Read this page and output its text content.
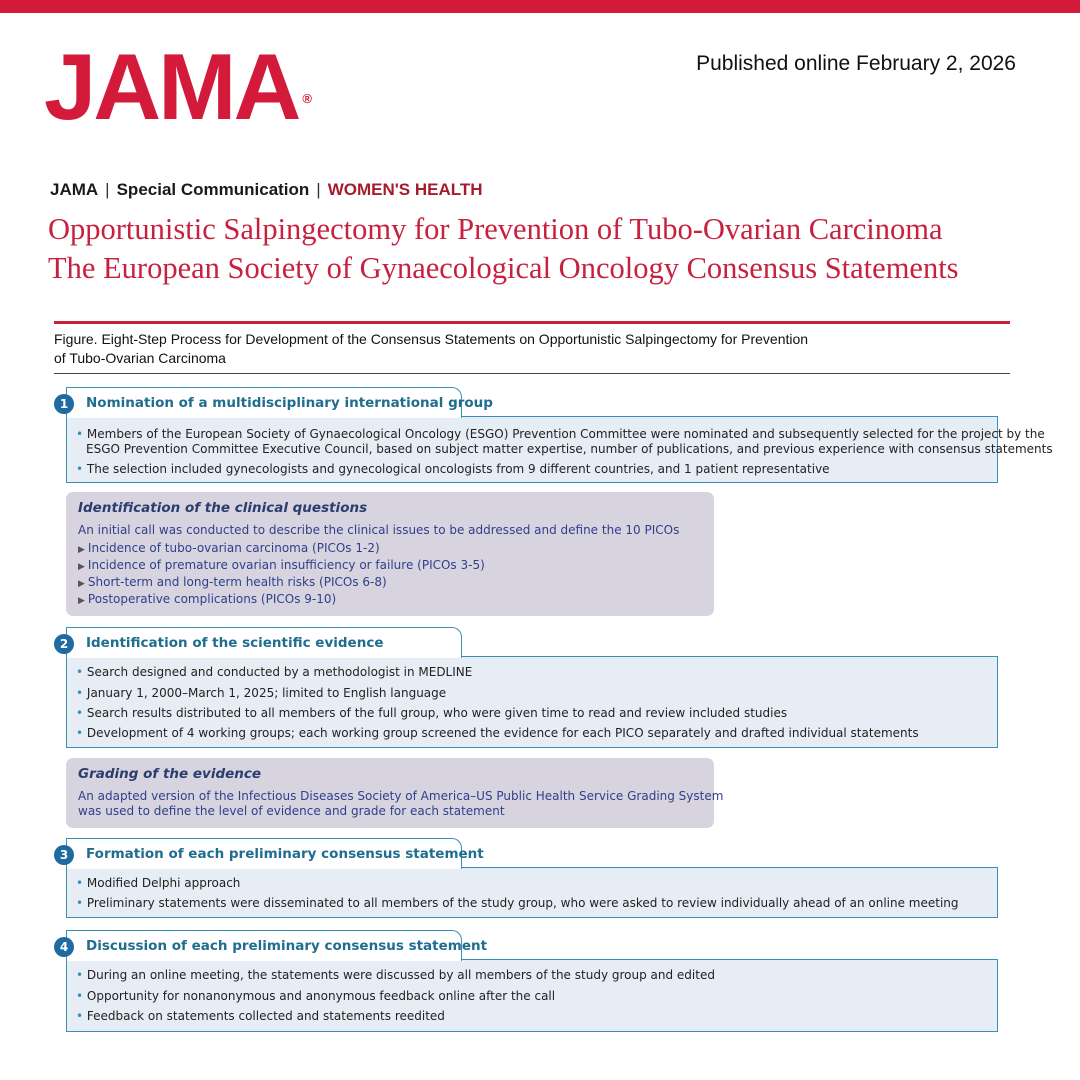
JAMA ®
Published online February 2, 2026
JAMA | Special Communication | WOMEN'S HEALTH
Opportunistic Salpingectomy for Prevention of Tubo-Ovarian Carcinoma
The European Society of Gynaecological Oncology Consensus Statements
Figure. Eight-Step Process for Development of the Consensus Statements on Opportunistic Salpingectomy for Prevention
of Tubo-Ovarian Carcinoma
1	Nomination of a multidisciplinary international group
• Members of the European Society of Gynaecological Oncology (ESGO) Prevention Committee were nominated and subsequently selected for the project by the
ESGO Prevention Committee Executive Council, based on subject matter expertise, number of publications, and previous experience with consensus statements
• The selection included gynecologists and gynecological oncologists from 9 different countries, and 1 patient representative
Identification of the clinical questions
An initial call was conducted to describe the clinical issues to be addressed and define the 10 PICOs
▶ Incidence of tubo-ovarian carcinoma (PICOs 1-2)
▶ Incidence of premature ovarian insufficiency or failure (PICOs 3-5)
▶ Short-term and long-term health risks (PICOs 6-8)
▶ Postoperative complications (PICOs 9-10)
2	Identification of the scientific evidence
• Search designed and conducted by a methodologist in MEDLINE
• January 1, 2000–March 1, 2025; limited to English language
• Search results distributed to all members of the full group, who were given time to read and review included studies
• Development of 4 working groups; each working group screened the evidence for each PICO separately and drafted individual statements
Grading of the evidence
An adapted version of the Infectious Diseases Society of America–US Public Health Service Grading System
was used to define the level of evidence and grade for each statement
3	Formation of each preliminary consensus statement
• Modified Delphi approach
• Preliminary statements were disseminated to all members of the study group, who were asked to review individually ahead of an online meeting
4	Discussion of each preliminary consensus statement
• During an online meeting, the statements were discussed by all members of the study group and edited
• Opportunity for nonanonymous and anonymous feedback online after the call
• Feedback on statements collected and statements reedited
